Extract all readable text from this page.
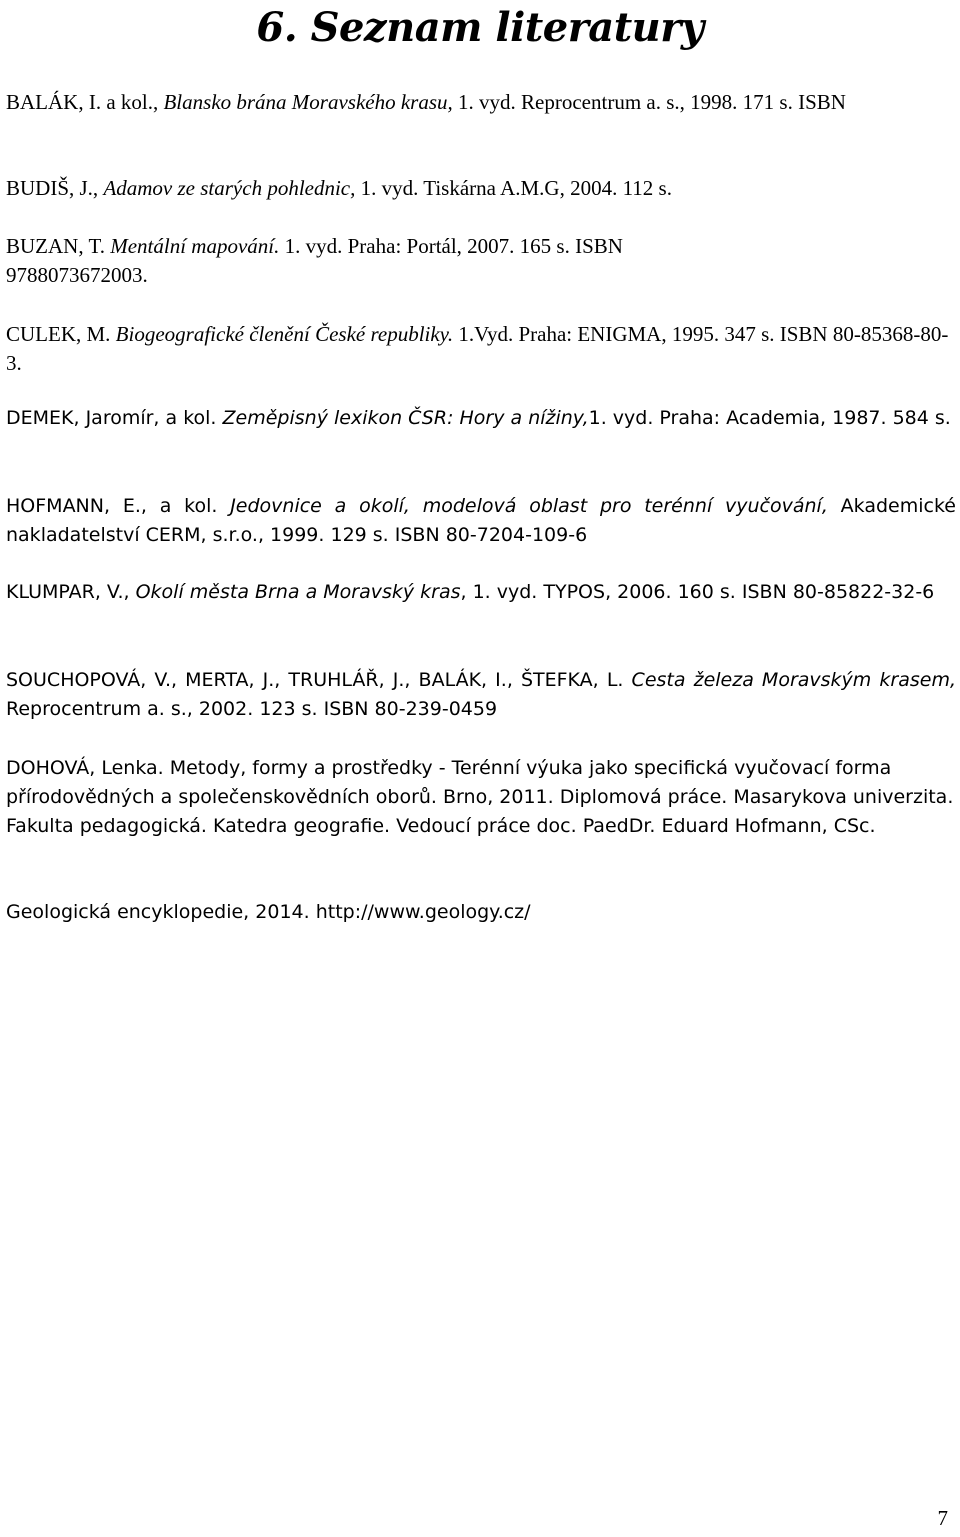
6. Seznam literatury
BALÁK, I. a kol., Blansko brána Moravského krasu, 1. vyd. Reprocentrum a. s., 1998. 171 s. ISBN
BUDIŠ, J., Adamov ze starých pohlednic, 1. vyd. Tiskárna A.M.G, 2004. 112 s.
BUZAN, T. Mentální mapování. 1. vyd. Praha: Portál, 2007. 165 s. ISBN 9788073672003.
CULEK, M. Biogeografické členění České republiky. 1.Vyd. Praha: ENIGMA, 1995. 347 s. ISBN 80-85368-80-3.
DEMEK, Jaromír, a kol. Zeměpisný lexikon ČSR: Hory a nížiny,1. vyd. Praha: Academia, 1987. 584 s.
HOFMANN, E., a kol. Jedovnice a okolí, modelová oblast pro terénní vyučování, Akademické nakladatelství CERM, s.r.o., 1999. 129 s. ISBN 80-7204-109-6
KLUMPAR, V., Okolí města Brna a Moravský kras, 1. vyd. TYPOS, 2006. 160 s. ISBN 80-85822-32-6
SOUCHOPOVÁ, V., MERTA, J., TRUHLÁŘ, J., BALÁK, I., ŠTEFKA, L. Cesta železa Moravským krasem, Reprocentrum a. s., 2002. 123 s. ISBN 80-239-0459
DOHOVÁ, Lenka. Metody, formy a prostředky - Terénní výuka jako specifická vyučovací forma přírodovědných a společenskovědních oborů. Brno, 2011. Diplomová práce. Masarykova univerzita. Fakulta pedagogická. Katedra geografie. Vedoucí práce doc. PaedDr. Eduard Hofmann, CSc.
Geologická encyklopedie, 2014. http://www.geology.cz/
7
